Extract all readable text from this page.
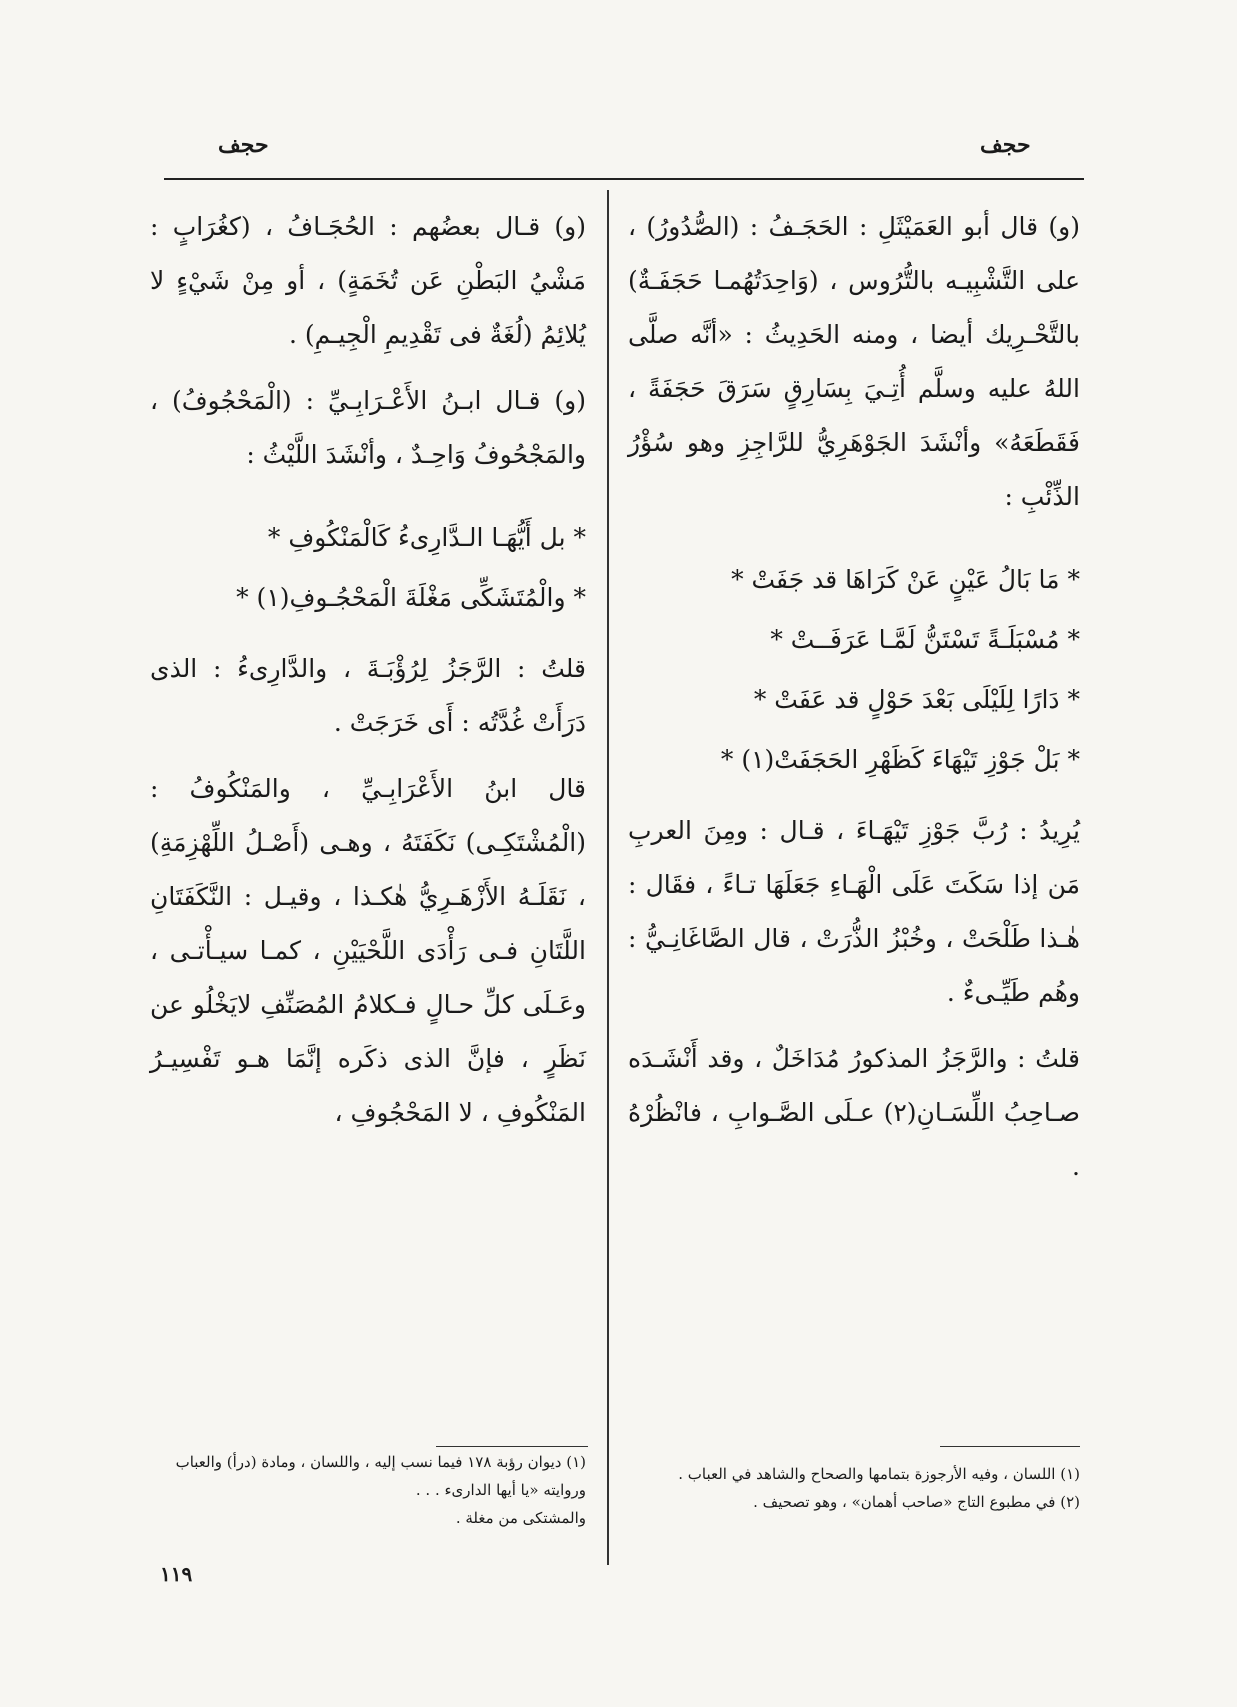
حجف	حجف

(و) قال أبو العَمَيْثَلِ : الحَجَـفُ : (الصُّدُورُ) ، على التَّشْبِيـه بالتُّرُوس ، (وَاحِدَتُهُمـا حَجَفَـةٌ) بالتَّحْـرِيك أيضا ، ومنه الحَدِيثُ : «أنَّه صلَّى اللهُ عليه وسلَّم أُتِـيَ بِسَارِقٍ سَرَقَ حَجَفَةً ، فَقَطَعَهُ» وأنْشَدَ الجَوْهَرِيُّ للرَّاجِزِ وهو سُؤْرُ الذِّئْبِ :

* مَا بَالُ عَيْنٍ عَنْ كَرَاهَا قد جَفَتْ *

* مُسْبَلَـةً تَسْتَنُّ لَمَّـا عَرَفَــتْ *

* دَارًا لِلَيْلَى بَعْدَ حَوْلٍ قد عَفَتْ *

* بَلْ جَوْزِ تَيْهَاءَ كَظَهْرِ الحَجَفَتْ(١) *

يُرِيدُ : رُبَّ جَوْزِ تَيْهَـاءَ ، قـال : ومِنَ العربِ مَن إذا سَكَتَ عَلَى الْهَـاءِ جَعَلَهَا تـاءً ، فقَال : هٰـذا طَلْحَتْ ، وخُبْزُ الذُّرَتْ ، قال الصَّاغَانِـيُّ : وهُم طَيِّـىءٌ .

قلتُ : والرَّجَزُ المذكورُ مُدَاخَلٌ ، وقد أَنْشَـدَه صـاحِبُ اللِّسَـانِ(٢) عـلَى الصَّـوابِ ، فانْظُرْهُ .

(و) قـال بعضُهم : الحُجَـافُ ، (كغُرَابٍ : مَشْيُ البَطْنِ عَن تُخَمَةٍ) ، أو مِنْ شَيْءٍ لا يُلائِمُ (لُغَةٌ فى تَقْدِيمِ الْجِيـمِ) .

(و) قـال ابـنُ الأَعْـرَابِـيِّ : (الْمَحْجُوفُ) ، والمَجْحُوفُ وَاحِـدٌ ، وأنْشَدَ اللَّيْثُ :

* بل أَيُّهَـا الـدَّارِىءُ كَالْمَنْكُوفِ *

* والْمُتَشَكِّى مَغْلَةَ الْمَحْجُـوفِ(١) *

قلتُ : الرَّجَزُ لِرُؤْبَـةَ ، والدَّارِىءُ : الذى دَرَأَتْ غُدَّتُه : أَى خَرَجَتْ .

قال ابنُ الأَعْرَابِـيِّ ، والمَنْكُوفُ : (الْمُشْتَكِـى) نَكَفَتَهُ ، وهـى (أَصْـلُ اللِّهْزِمَةِ) ، نَقَلَـهُ الأَزْهَـرِيُّ هٰكـذا ، وقيـل : النَّكَفَتَانِ اللَّتَانِ فـى رَأْدَى اللَّحْيَيْنِ ، كمـا سيـأْتـى ، وعَـلَى كلِّ حـالٍ فـكلامُ المُصَنِّفِ لايَخْلُو عن نَظَرٍ ، فإنَّ الذى ذكَره إنَّمَا هـو تَفْسِيـرُ المَنْكُوفِ ، لا المَحْجُوفِ ،

(١) اللسان ، وفيه الأرجوزة بتمامها والصحاح والشاهد في العباب .

(٢) في مطبوع التاج «صاحب أهمان» ، وهو تصحيف .

(١) ديوان رؤبة ١٧٨ فيما نسب إليه ، واللسان ، ومادة (درأ) والعباب وروايته «يا أيها الدارىء . . .

والمشتكى من مغلة .

١١٩
